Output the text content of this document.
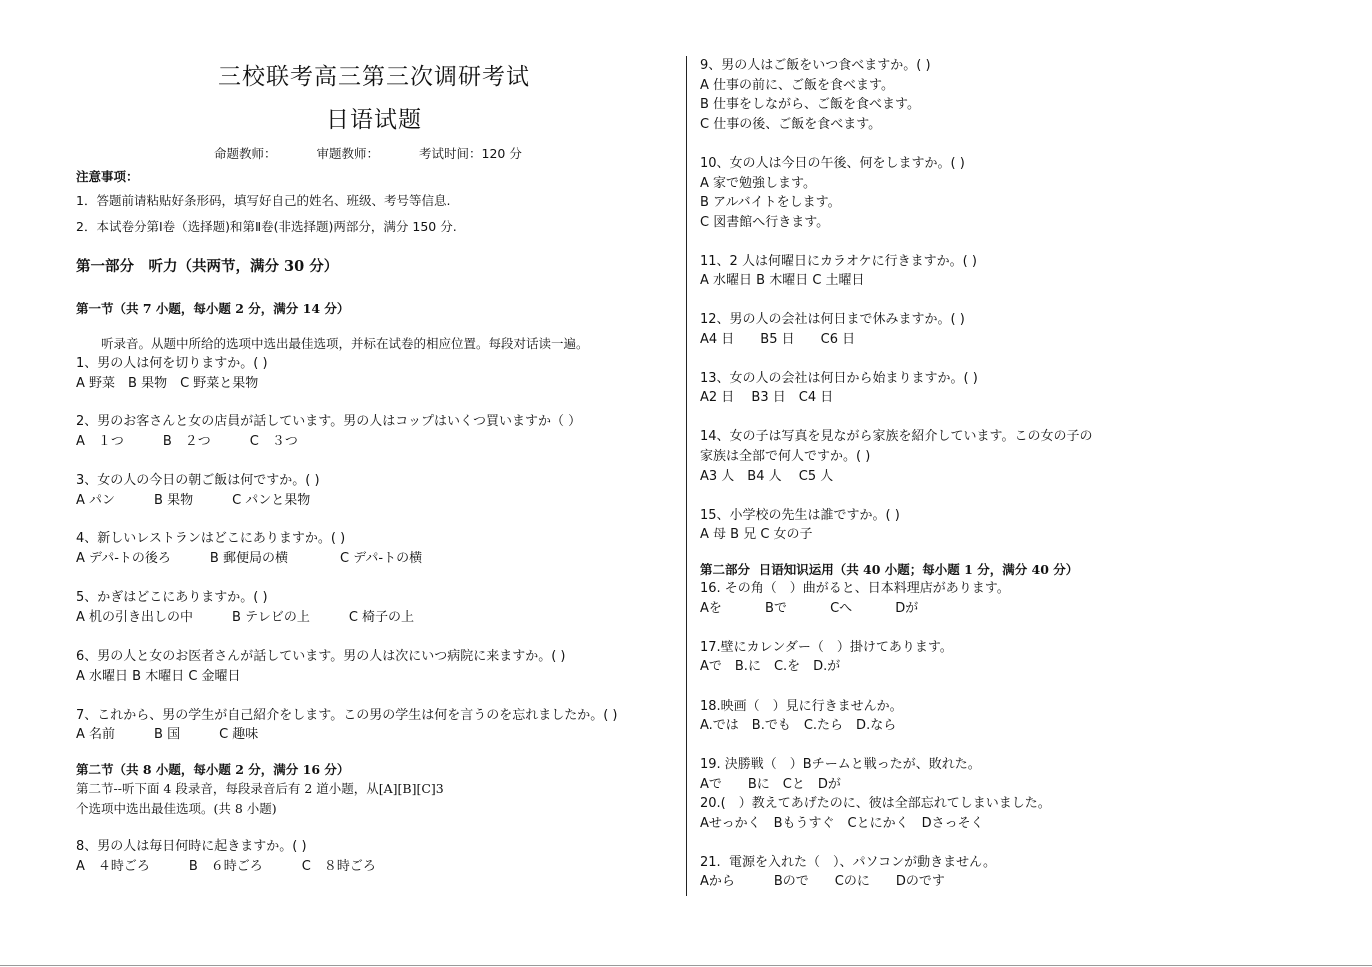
三校联考高三第三次调研考试
日语试题
命题教师：	审题教师：	考试时间：120 分
注意事项：
1．答题前请粘贴好条形码，填写好自己的姓名、班级、考号等信息.
2．本试卷分第Ⅰ卷（选择题)和第Ⅱ卷(非选择题)两部分，满分 150 分.
第一部分　听力（共两节，满分 30 分）
第一节（共 7 小题，每小题 2 分，满分 14 分）
　　听录音。从题中所给的选项中选出最佳选项，并标在试卷的相应位置。每段对话读一遍。
1、男の人は何を切りますか。( )
A 野菜　B 果物　C 野菜と果物
2、男のお客さんと女の店員が話しています。男の人はコップはいくつ買いますか（ ）
A　１つ　　　B　２つ　　　C　３つ
3、女の人の今日の朝ご飯は何ですか。( )
A パン　　　B 果物　　　C パンと果物
4、新しいレストランはどこにありますか。( )
A デパ-トの後ろ　　　B 郵便局の横　　　　C デパ-トの横
5、かぎはどこにありますか。( )
A 机の引き出しの中　　　B テレビの上　　　C 椅子の上
6、男の人と女のお医者さんが話しています。男の人は次にいつ病院に来ますか。( )
A 水曜日 B 木曜日 C 金曜日
7、これから、男の学生が自己紹介をします。この男の学生は何を言うのを忘れましたか。( )
A 名前　　　B 国　　　C 趣味
第二节（共 8 小题，每小题 2 分，满分 16 分）
第二节--听下面 4 段录音，每段录音后有 2 道小题，从[A][B][C]3
个选项中选出最佳选项。(共 8 小题)
8、男の人は毎日何時に起きますか。( )
A　４時ごろ　　　B　６時ごろ　　　C　８時ごろ
9、男の人はご飯をいつ食べますか。( )
A 仕事の前に、ご飯を食べます。
B 仕事をしながら、ご飯を食べます。
C 仕事の後、ご飯を食べます。
10、女の人は今日の午後、何をしますか。( )
A 家で勉強します。
B アルバイトをします。
C 図書館へ行きます。
11、2 人は何曜日にカラオケに行きますか。( )
A 水曜日 B 木曜日 C 土曜日
12、男の人の会社は何日まで休みますか。( )
A4 日　　B5 日　　C6 日
13、女の人の会社は何日から始まりますか。( )
A2 日　 B3 日　C4 日
14、女の子は写真を見ながら家族を紹介しています。この女の子の
家族は全部で何人ですか。( )
A3 人　B4 人　 C5 人
15、小学校の先生は誰ですか。( )
A 母 B 兄 C 女の子
第二部分  日语知识运用（共 40 小题；每小题 1 分，满分 40 分）
16. その角（　）曲がると、日本料理店があります。
Aを　　　 Bで　　　 Cへ　　　 Dが
17.壁にカレンダー（　）掛けてあります。
Aで　B.に　C.を　D.が
18.映画（　）見に行きませんか。
A.では　B.でも　C.たら　D.なら
19. 決勝戦（　）Bチームと戦ったが、敗れた。
Aで　　Bに　Cと　Dが
20.(　）教えてあげたのに、彼は全部忘れてしまいました。
Aせっかく　Bもうすぐ　Cとにかく　Dさっそく
21.  電源を入れた（　）、パソコンが動きません。
Aから　　　Bので　　Cのに　　Dのです
